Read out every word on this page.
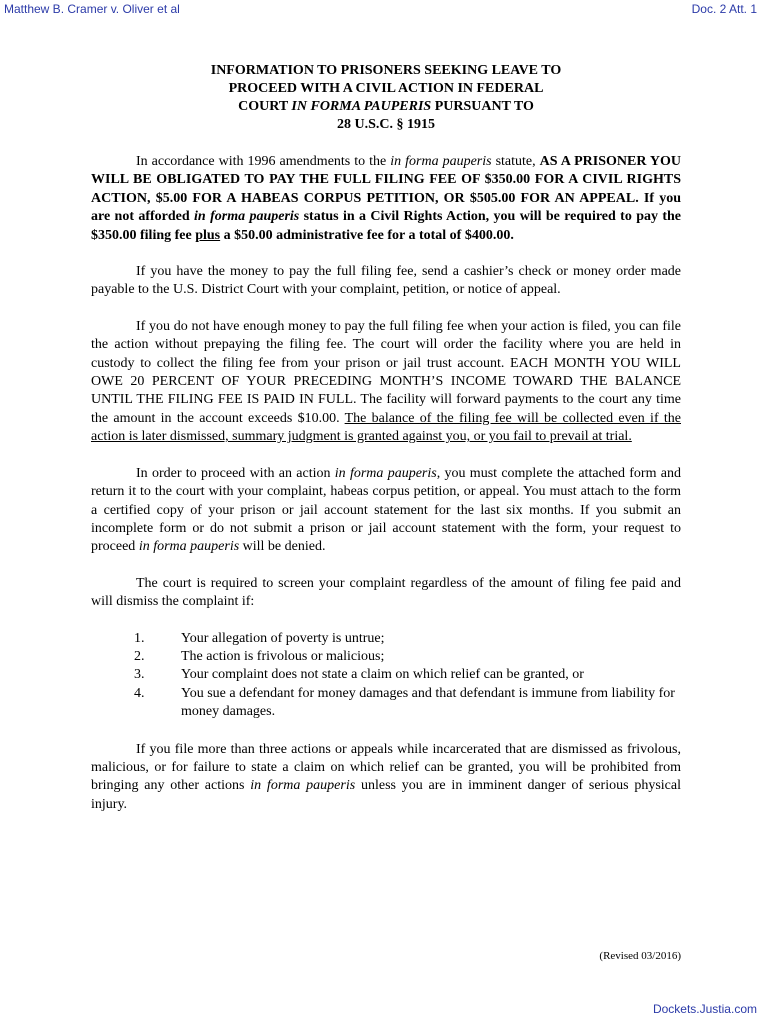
Matthew B. Cramer v. Oliver et al	Doc. 2 Att. 1
INFORMATION TO PRISONERS SEEKING LEAVE TO
PROCEED WITH A CIVIL ACTION IN FEDERAL
COURT IN FORMA PAUPERIS PURSUANT TO
28 U.S.C. § 1915

In accordance with 1996 amendments to the in forma pauperis statute, AS A PRISONER YOU WILL BE OBLIGATED TO PAY THE FULL FILING FEE OF $350.00 FOR A CIVIL RIGHTS ACTION, $5.00 FOR A HABEAS CORPUS PETITION, OR $505.00 FOR AN APPEAL. If you are not afforded in forma pauperis status in a Civil Rights Action, you will be required to pay the $350.00 filing fee plus a $50.00 administrative fee for a total of $400.00.

If you have the money to pay the full filing fee, send a cashier’s check or money order made payable to the U.S. District Court with your complaint, petition, or notice of appeal.

If you do not have enough money to pay the full filing fee when your action is filed, you can file the action without prepaying the filing fee. The court will order the facility where you are held in custody to collect the filing fee from your prison or jail trust account. EACH MONTH YOU WILL OWE 20 PERCENT OF YOUR PRECEDING MONTH’S INCOME TOWARD THE BALANCE UNTIL THE FILING FEE IS PAID IN FULL. The facility will forward payments to the court any time the amount in the account exceeds $10.00. The balance of the filing fee will be collected even if the action is later dismissed, summary judgment is granted against you, or you fail to prevail at trial.

In order to proceed with an action in forma pauperis, you must complete the attached form and return it to the court with your complaint, habeas corpus petition, or appeal. You must attach to the form a certified copy of your prison or jail account statement for the last six months. If you submit an incomplete form or do not submit a prison or jail account statement with the form, your request to proceed in forma pauperis will be denied.

The court is required to screen your complaint regardless of the amount of filing fee paid and will dismiss the complaint if:

1.	Your allegation of poverty is untrue;
2.	The action is frivolous or malicious;
3.	Your complaint does not state a claim on which relief can be granted, or
4.	You sue a defendant for money damages and that defendant is immune from liability for money damages.

If you file more than three actions or appeals while incarcerated that are dismissed as frivolous, malicious, or for failure to state a claim on which relief can be granted, you will be prohibited from bringing any other actions in forma pauperis unless you are in imminent danger of serious physical injury.

(Revised 03/2016)
Dockets.Justia.com
